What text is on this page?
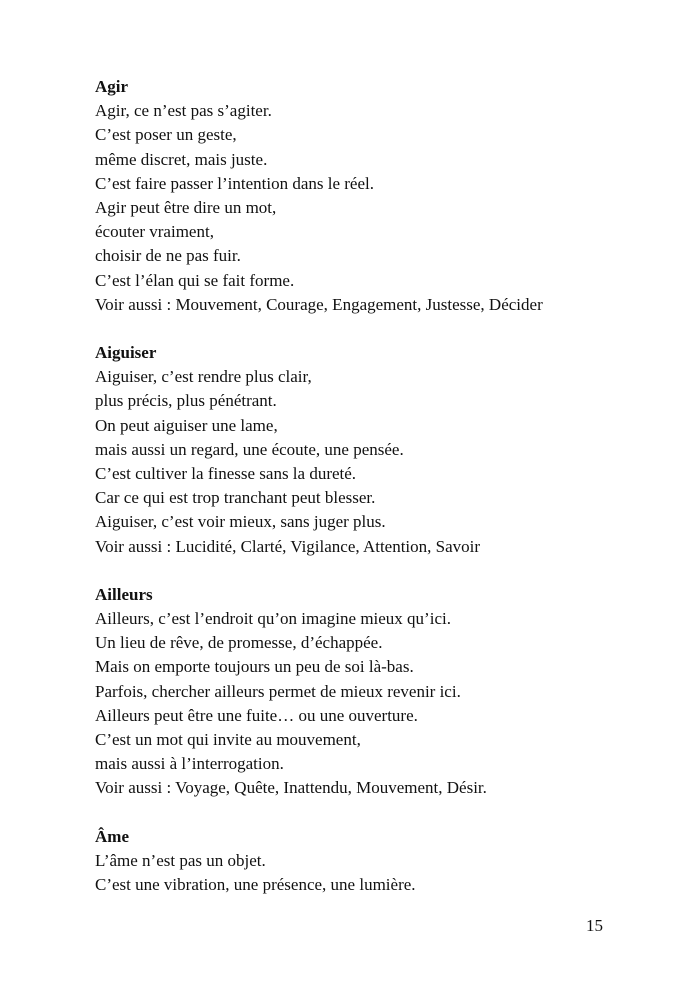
Agir

Agir, ce n’est pas s’agiter.

C’est poser un geste,

même discret, mais juste.

C’est faire passer l’intention dans le réel.

Agir peut être dire un mot,

écouter vraiment,

choisir de ne pas fuir.

C’est l’élan qui se fait forme.

Voir aussi : Mouvement, Courage, Engagement, Justesse, Décider

Aiguiser

Aiguiser, c’est rendre plus clair,

plus précis, plus pénétrant.

On peut aiguiser une lame,

mais aussi un regard, une écoute, une pensée.

C’est cultiver la finesse sans la dureté.

Car ce qui est trop tranchant peut blesser.

Aiguiser, c’est voir mieux, sans juger plus.

Voir aussi : Lucidité, Clarté, Vigilance, Attention, Savoir

Ailleurs

Ailleurs, c’est l’endroit qu’on imagine mieux qu’ici.

Un lieu de rêve, de promesse, d’échappée.

Mais on emporte toujours un peu de soi là-bas.

Parfois, chercher ailleurs permet de mieux revenir ici.

Ailleurs peut être une fuite… ou une ouverture.

C’est un mot qui invite au mouvement,

mais aussi à l’interrogation.

Voir aussi : Voyage, Quête, Inattendu, Mouvement, Désir.

Âme

L’âme n’est pas un objet.

C’est une vibration, une présence, une lumière.

15
